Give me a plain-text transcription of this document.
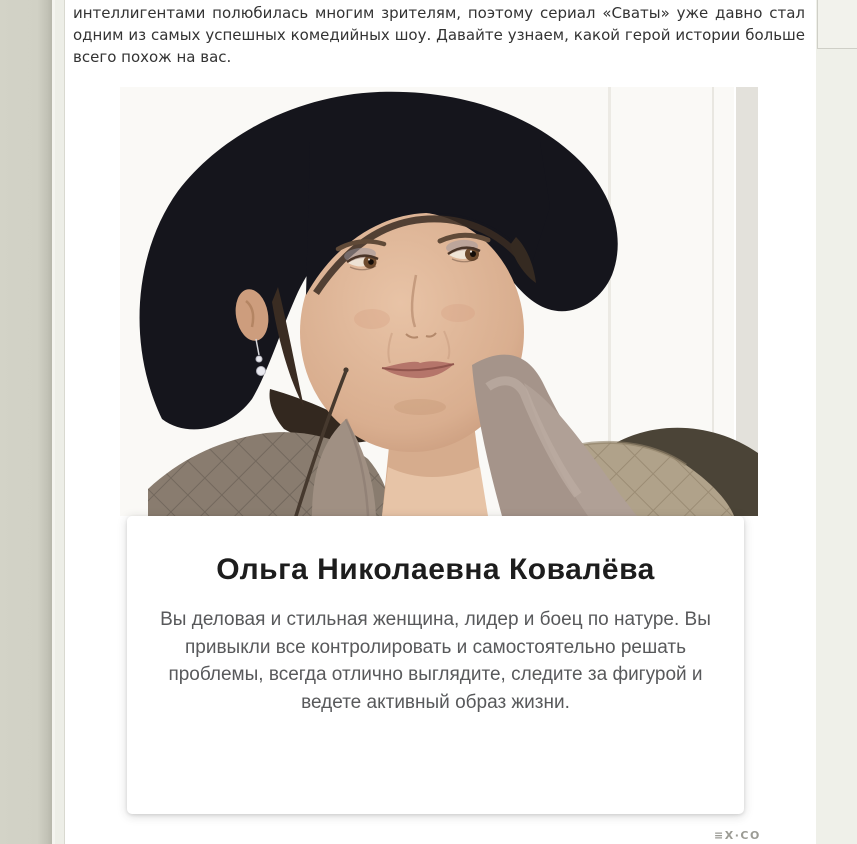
интеллигентами полюбилась многим зрителям, поэтому сериал «Сваты» уже давно стал одним из самых успешных комедийных шоу. Давайте узнаем, какой герой истории больше всего похож на вас.

Ольга Николаевна Ковалёва

Вы деловая и стильная женщина, лидер и боец по натуре. Вы привыкли все контролировать и самостоятельно решать проблемы, всегда отлично выглядите, следите за фигурой и ведете активный образ жизни.

≡X·CO
